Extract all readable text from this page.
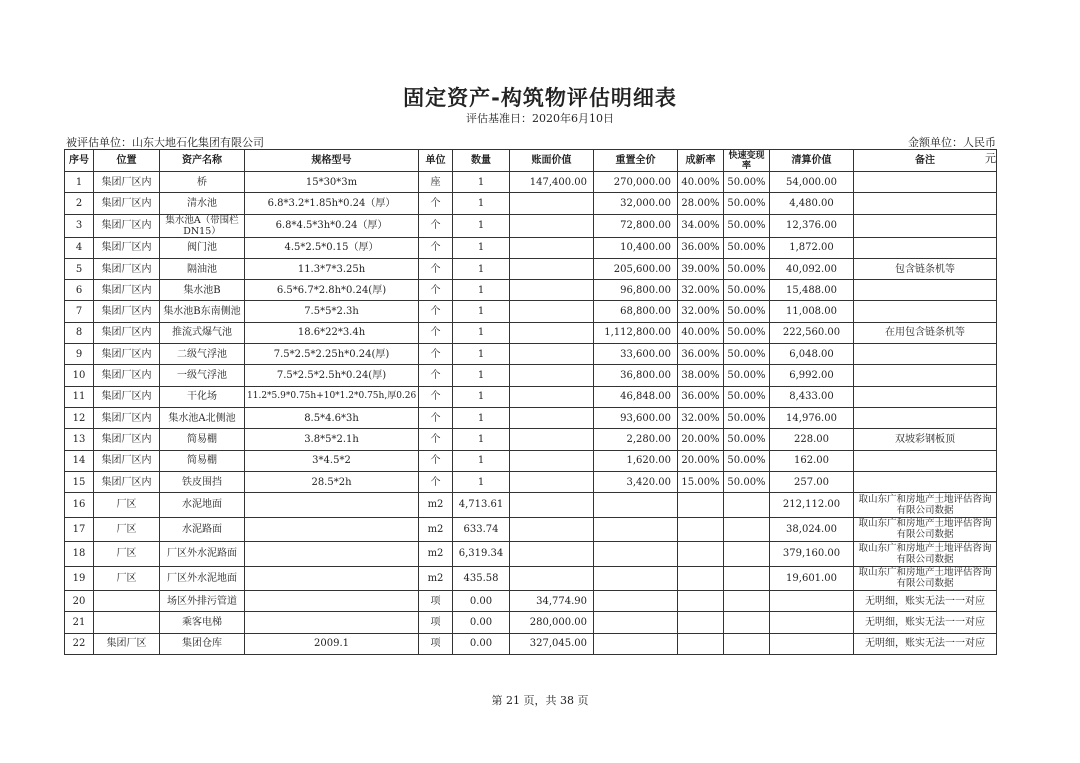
固定资产-构筑物评估明细表
评估基准日：2020年6月10日
被评估单位：山东大地石化集团有限公司	金额单位：人民币元
序号	位置	资产名称	规格型号	单位	数量	账面价值	重置全价	成新率	快速变现率	清算价值	备注
1	集团厂区内	桥	15*30*3m	座	1	147,400.00	270,000.00	40.00%	50.00%	54,000.00	
2	集团厂区内	清水池	6.8*3.2*1.85h*0.24（厚）	个	1		32,000.00	28.00%	50.00%	4,480.00	
3	集团厂区内	集水池A（带围栏DN15）	6.8*4.5*3h*0.24（厚）	个	1		72,800.00	34.00%	50.00%	12,376.00	
4	集团厂区内	阀门池	4.5*2.5*0.15（厚）	个	1		10,400.00	36.00%	50.00%	1,872.00	
5	集团厂区内	隔油池	11.3*7*3.25h	个	1		205,600.00	39.00%	50.00%	40,092.00	包含链条机等
6	集团厂区内	集水池B	6.5*6.7*2.8h*0.24(厚)	个	1		96,800.00	32.00%	50.00%	15,488.00	
7	集团厂区内	集水池B东南侧池	7.5*5*2.3h	个	1		68,800.00	32.00%	50.00%	11,008.00	
8	集团厂区内	推流式爆气池	18.6*22*3.4h	个	1		1,112,800.00	40.00%	50.00%	222,560.00	在用包含链条机等
9	集团厂区内	二级气浮池	7.5*2.5*2.25h*0.24(厚)	个	1		33,600.00	36.00%	50.00%	6,048.00	
10	集团厂区内	一级气浮池	7.5*2.5*2.5h*0.24(厚)	个	1		36,800.00	38.00%	50.00%	6,992.00	
11	集团厂区内	干化场	11.2*5.9*0.75h+10*1.2*0.75h,厚0.26	个	1		46,848.00	36.00%	50.00%	8,433.00	
12	集团厂区内	集水池A北侧池	8.5*4.6*3h	个	1		93,600.00	32.00%	50.00%	14,976.00	
13	集团厂区内	简易棚	3.8*5*2.1h	个	1		2,280.00	20.00%	50.00%	228.00	双坡彩钢板顶
14	集团厂区内	简易棚	3*4.5*2	个	1		1,620.00	20.00%	50.00%	162.00	
15	集团厂区内	铁皮围挡	28.5*2h	个	1		3,420.00	15.00%	50.00%	257.00	
16	厂区	水泥地面		m2	4,713.61					212,112.00	取山东广和房地产土地评估咨询有限公司数据
17	厂区	水泥路面		m2	633.74					38,024.00	取山东广和房地产土地评估咨询有限公司数据
18	厂区	厂区外水泥路面		m2	6,319.34					379,160.00	取山东广和房地产土地评估咨询有限公司数据
19	厂区	厂区外水泥地面		m2	435.58					19,601.00	取山东广和房地产土地评估咨询有限公司数据
20		场区外排污管道		项	0.00	34,774.90					无明细，账实无法一一对应
21		乘客电梯		项	0.00	280,000.00					无明细，账实无法一一对应
22	集团厂区	集团仓库	2009.1	项	0.00	327,045.00					无明细，账实无法一一对应
第 21 页，共 38 页
